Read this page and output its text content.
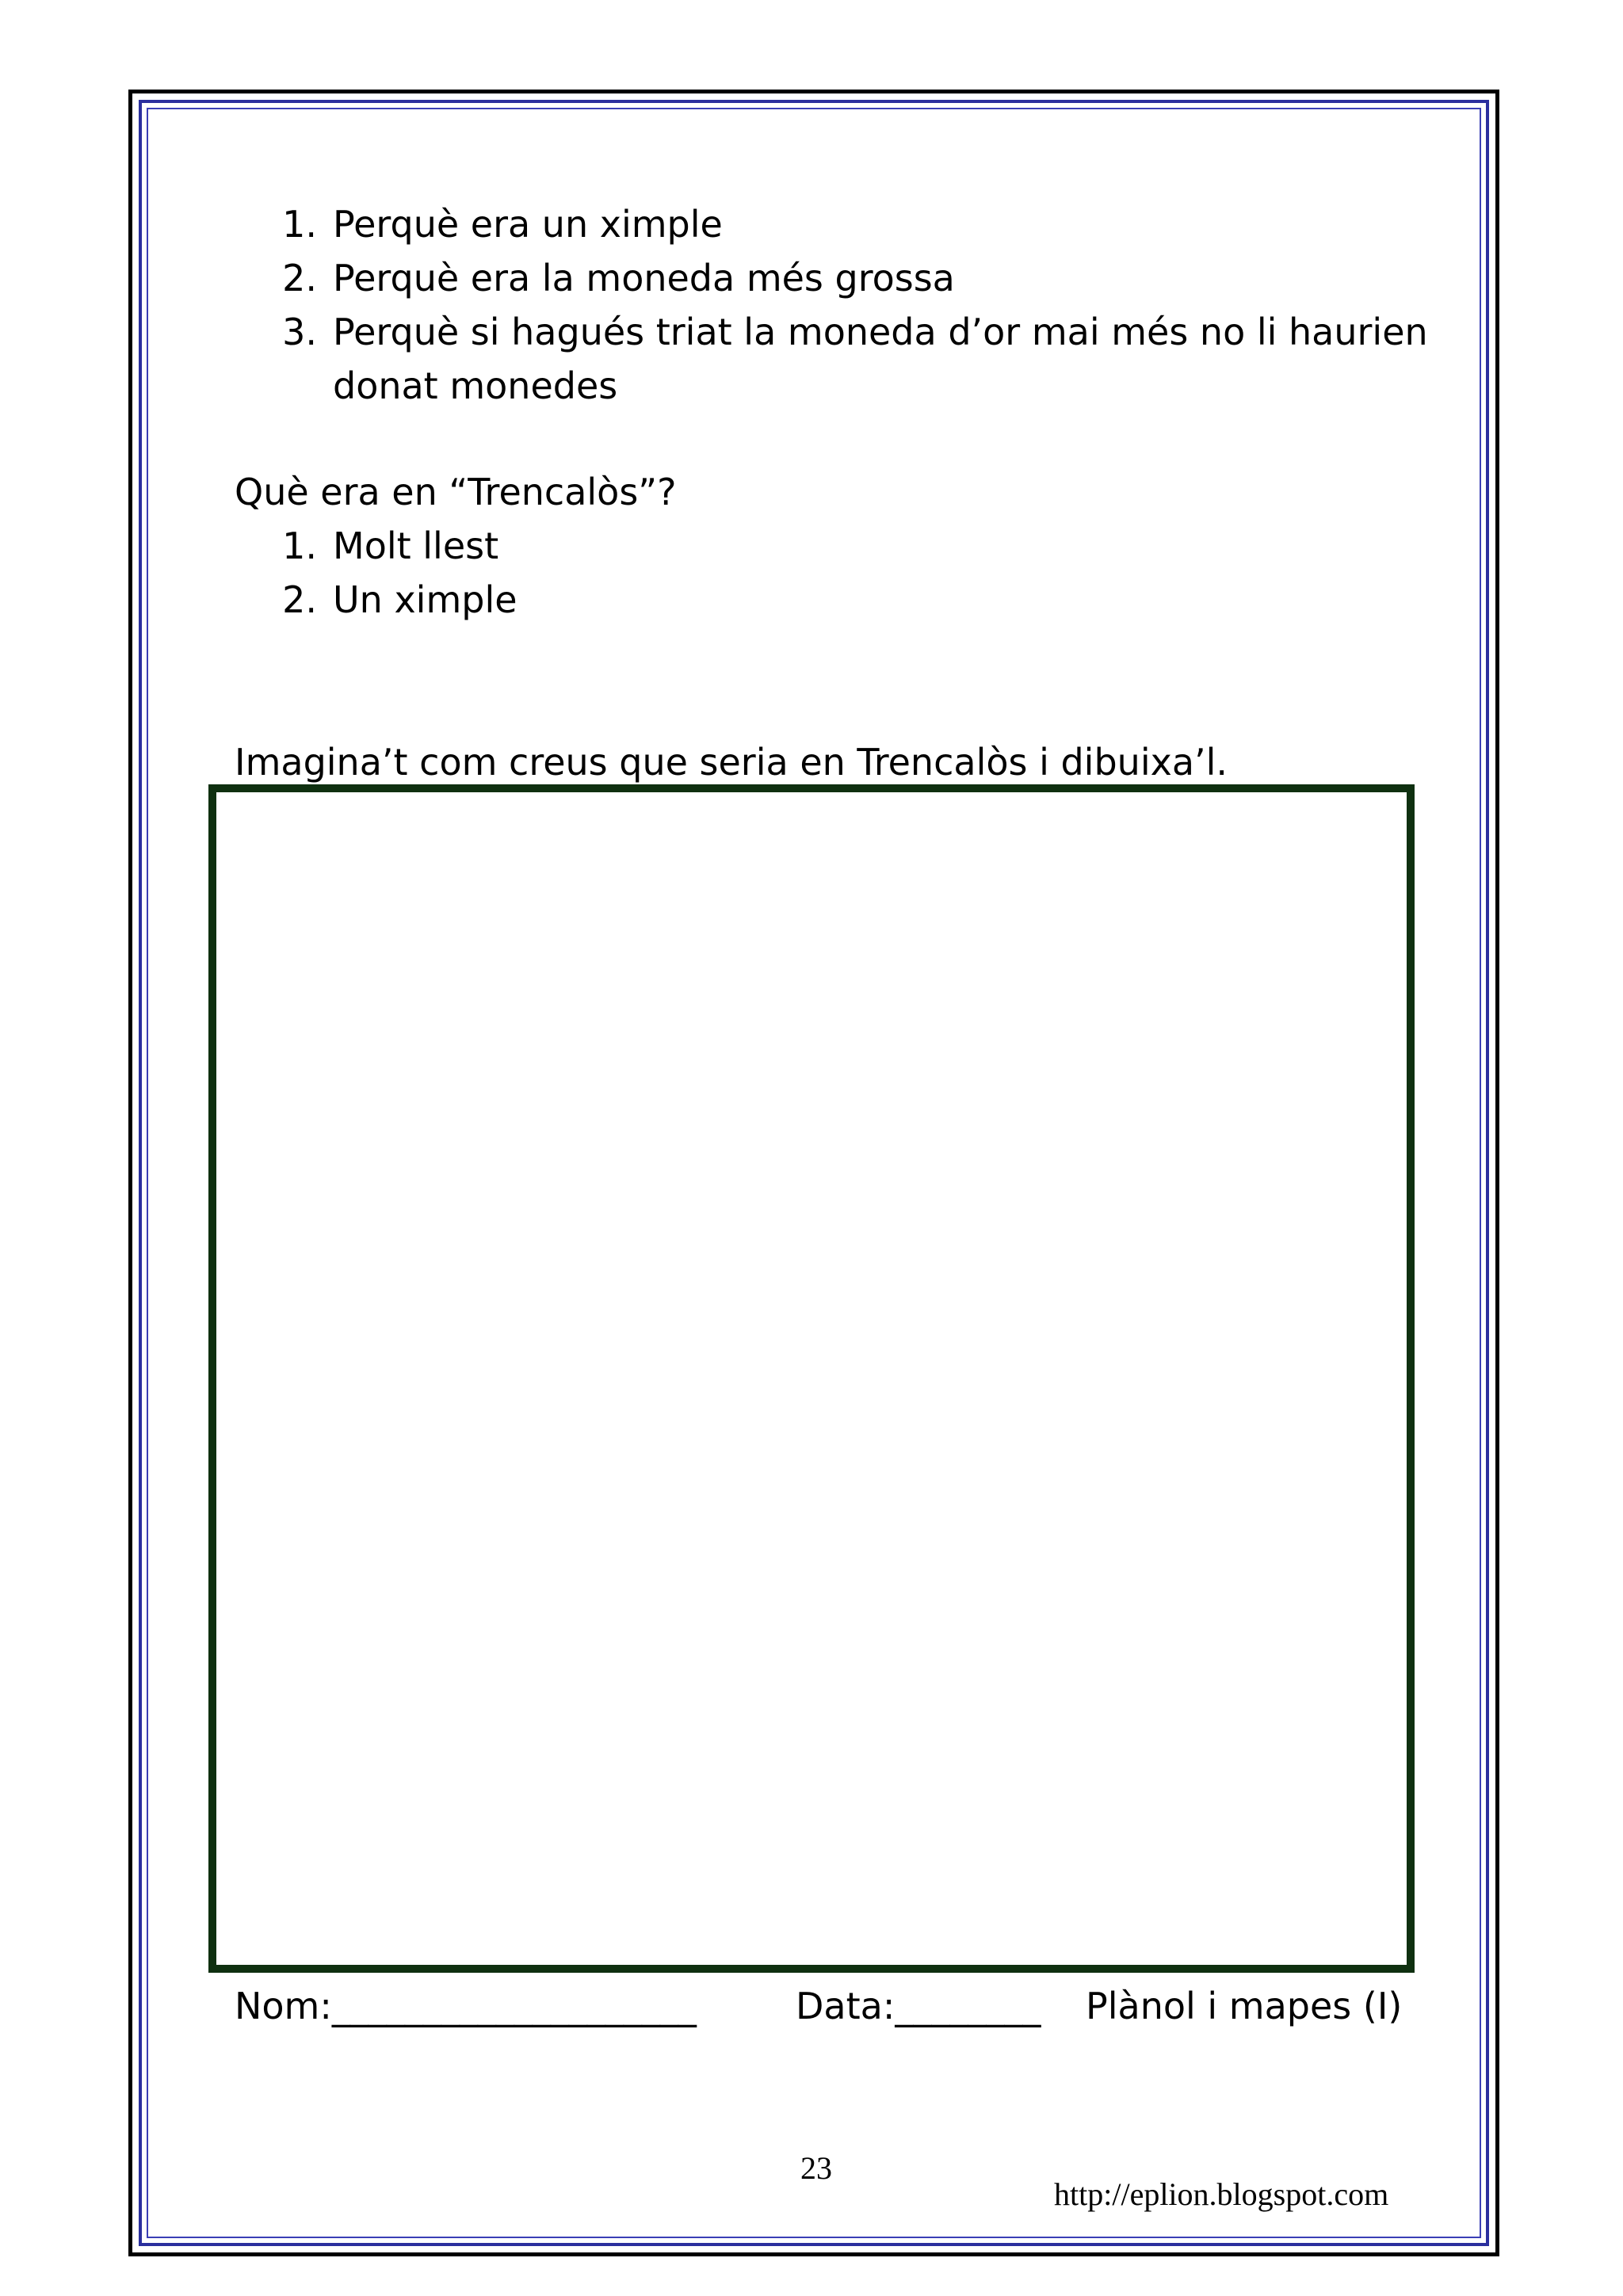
1. Perquè era un ximple
2. Perquè era la moneda més grossa
3. Perquè si hagués triat la moneda d’or mai més no li haurien
donat monedes
Què era en “Trencalòs”?
1. Molt llest
2. Un ximple
Imagina’t com creus que seria en Trencalòs i dibuixa’l.
Nom:____________________	Data:________ Plànol i mapes (I)
23
http://eplion.blogspot.com
